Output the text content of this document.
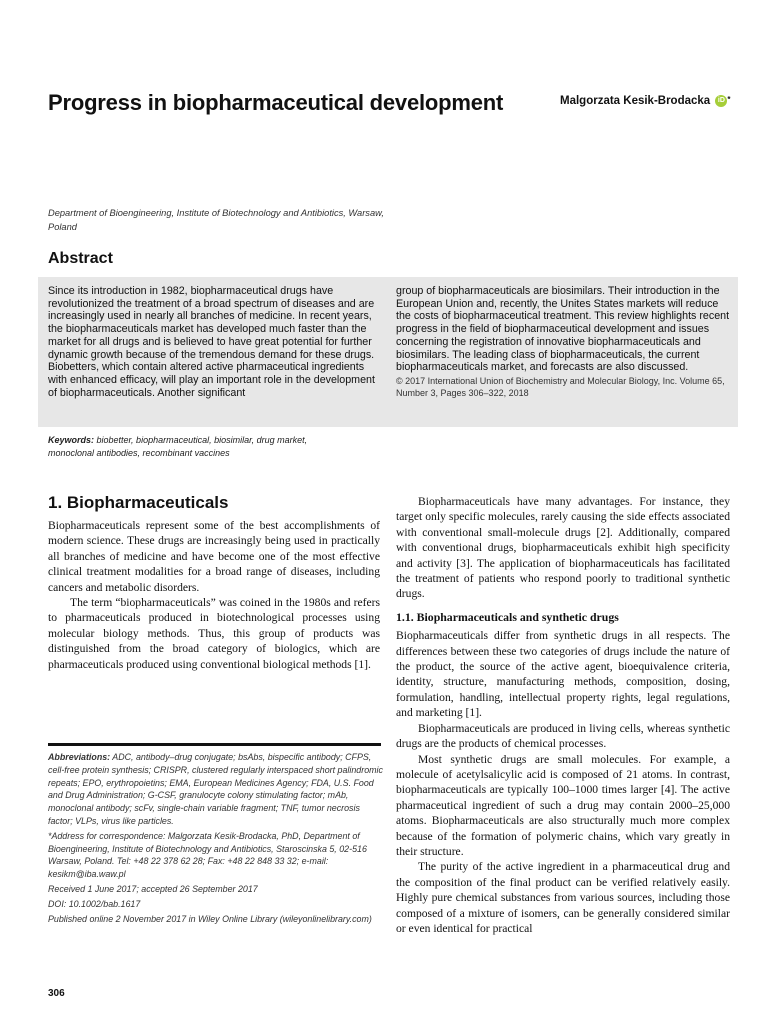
Progress in biopharmaceutical development	Malgorzata Kesik-Brodacka iD *
Department of Bioengineering, Institute of Biotechnology and Antibiotics, Warsaw, Poland
Abstract
Since its introduction in 1982, biopharmaceutical drugs have revolutionized the treatment of a broad spectrum of diseases and are increasingly used in nearly all branches of medicine. In recent years, the biopharmaceuticals market has developed much faster than the market for all drugs and is believed to have great potential for further dynamic growth because of the tremendous demand for these drugs. Biobetters, which contain altered active pharmaceutical ingredients with enhanced efficacy, will play an important role in the development of biopharmaceuticals. Another significant
group of biopharmaceuticals are biosimilars. Their introduction in the European Union and, recently, the Unites States markets will reduce the costs of biopharmaceutical treatment. This review highlights recent progress in the field of biopharmaceutical development and issues concerning the registration of innovative biopharmaceuticals and biosimilars. The leading class of biopharmaceuticals, the current biopharmaceuticals market, and forecasts are also discussed.
© 2017 International Union of Biochemistry and Molecular Biology, Inc. Volume 65, Number 3, Pages 306–322, 2018
Keywords: biobetter, biopharmaceutical, biosimilar, drug market, monoclonal antibodies, recombinant vaccines
1. Biopharmaceuticals

Biopharmaceuticals represent some of the best accomplishments of modern science. These drugs are increasingly being used in practically all branches of medicine and have become one of the most effective clinical treatment modalities for a broad range of diseases, including cancers and metabolic disorders.

The term “biopharmaceuticals” was coined in the 1980s and refers to pharmaceuticals produced in biotechnological processes using molecular biology methods. Thus, this group of products was distinguished from the broad category of biologics, which are pharmaceuticals produced using conventional biological methods [1].

Biopharmaceuticals have many advantages. For instance, they target only specific molecules, rarely causing the side effects associated with conventional small-molecule drugs [2]. Additionally, compared with conventional drugs, biopharmaceuticals exhibit high specificity and activity [3]. The application of biopharmaceuticals has facilitated the treatment of patients who respond poorly to traditional synthetic drugs.

1.1. Biopharmaceuticals and synthetic drugs

Biopharmaceuticals differ from synthetic drugs in all respects. The differences between these two categories of drugs include the nature of the product, the source of the active agent, bioequivalence criteria, identity, structure, manufacturing methods, composition, dosing, formulation, handling, intellectual property rights, legal regulations, and marketing [1].

Biopharmaceuticals are produced in living cells, whereas synthetic drugs are the products of chemical processes.

Most synthetic drugs are small molecules. For example, a molecule of acetylsalicylic acid is composed of 21 atoms. In contrast, biopharmaceuticals are typically 100–1000 times larger [4]. The active pharmaceutical ingredient of such a drug may contain 2000–25,000 atoms. Biopharmaceuticals are also structurally much more complex because of the formation of polymeric chains, which vary greatly in their structure.

The purity of the active ingredient in a pharmaceutical drug and the composition of the final product can be verified relatively easily. Highly pure chemical substances from various sources, including those composed of a mixture of isomers, can be generally considered similar or even identical for practical

Abbreviations: ADC, antibody–drug conjugate; bsAbs, bispecific antibody; CFPS, cell-free protein synthesis; CRISPR, clustered regularly interspaced short palindromic repeats; EPO, erythropoietins; EMA, European Medicines Agency; FDA, U.S. Food and Drug Administration; G-CSF, granulocyte colony stimulating factor; mAb, monoclonal antibody; scFv, single-chain variable fragment; TNF, tumor necrosis factor; VLPs, virus like particles.

*Address for correspondence: Malgorzata Kesik-Brodacka, PhD, Department of Bioengineering, Institute of Biotechnology and Antibiotics, Staroscinska 5, 02-516 Warsaw, Poland. Tel: +48 22 378 62 28; Fax: +48 22 848 33 32; e-mail: kesikm@iba.waw.pl

Received 1 June 2017; accepted 26 September 2017

DOI: 10.1002/bab.1617

Published online 2 November 2017 in Wiley Online Library (wileyonlinelibrary.com)

306
